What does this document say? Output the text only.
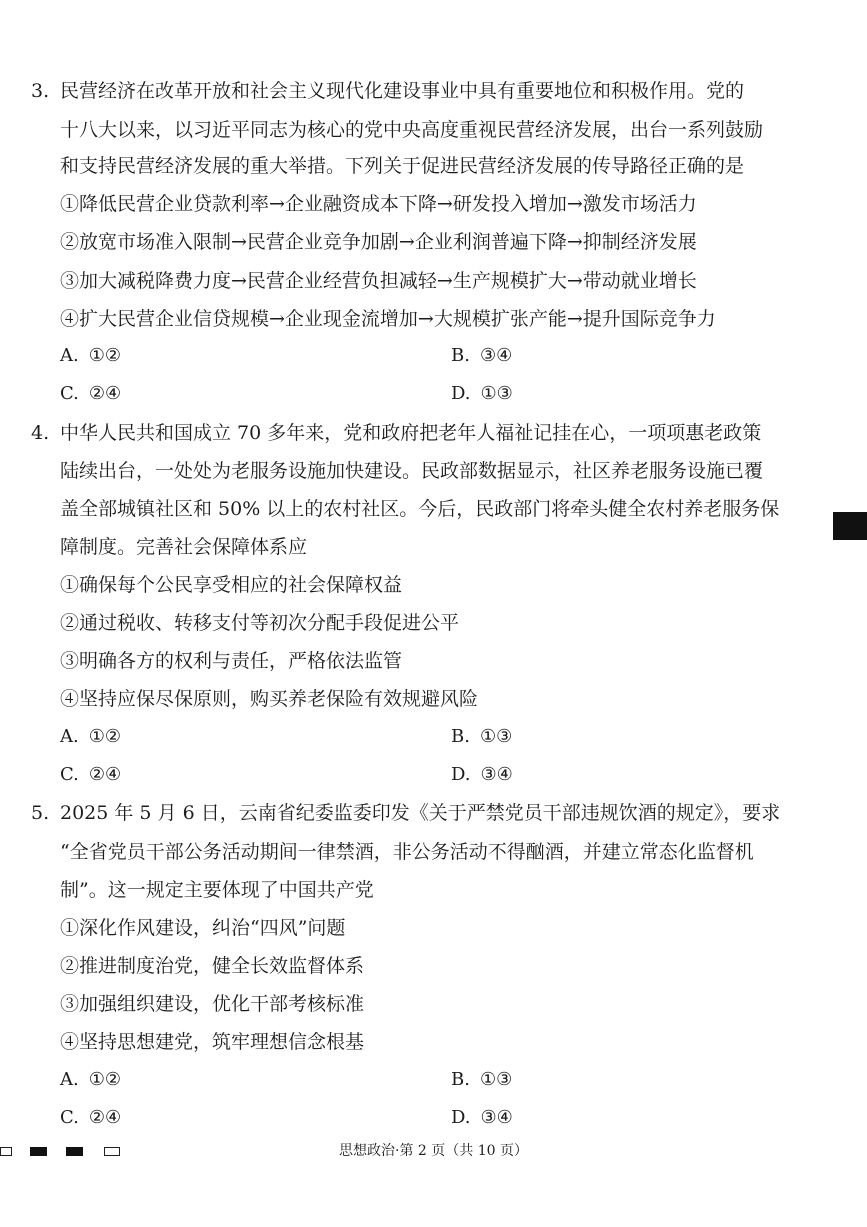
3. 民营经济在改革开放和社会主义现代化建设事业中具有重要地位和积极作用。党的
十八大以来，以习近平同志为核心的党中央高度重视民营经济发展，出台一系列鼓励
和支持民营经济发展的重大举措。下列关于促进民营经济发展的传导路径正确的是
①降低民营企业贷款利率→企业融资成本下降→研发投入增加→激发市场活力
②放宽市场准入限制→民营企业竞争加剧→企业利润普遍下降→抑制经济发展
③加大减税降费力度→民营企业经营负担减轻→生产规模扩大→带动就业增长
④扩大民营企业信贷规模→企业现金流增加→大规模扩张产能→提升国际竞争力
A. ①②	B. ③④
C. ②④	D. ①③
4. 中华人民共和国成立 70 多年来，党和政府把老年人福祉记挂在心，一项项惠老政策
陆续出台，一处处为老服务设施加快建设。民政部数据显示，社区养老服务设施已覆
盖全部城镇社区和 50% 以上的农村社区。今后，民政部门将牵头健全农村养老服务保
障制度。完善社会保障体系应
①确保每个公民享受相应的社会保障权益
②通过税收、转移支付等初次分配手段促进公平
③明确各方的权利与责任，严格依法监管
④坚持应保尽保原则，购买养老保险有效规避风险
A. ①②	B. ①③
C. ②④	D. ③④
5. 2025 年 5 月 6 日，云南省纪委监委印发《关于严禁党员干部违规饮酒的规定》，要求
“全省党员干部公务活动期间一律禁酒，非公务活动不得酗酒，并建立常态化监督机
制”。这一规定主要体现了中国共产党
①深化作风建设，纠治“四风”问题
②推进制度治党，健全长效监督体系
③加强组织建设，优化干部考核标准
④坚持思想建党，筑牢理想信念根基
A. ①②	B. ①③
C. ②④	D. ③④
思想政治·第 2 页（共 10 页）
